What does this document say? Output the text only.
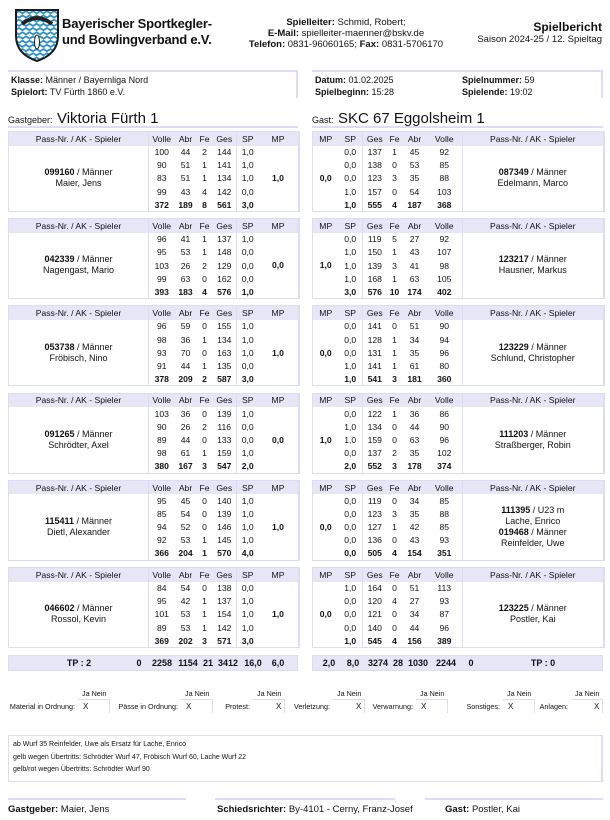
Bayerischer Sportkegler-
und Bowlingverband e.V.
Spielleiter: Schmid, Robert;
E-Mail: spielleiter-maenner@bskv.de
Telefon: 0831-96060165; Fax: 0831-5706170
Spielbericht
Saison 2024-25 / 12. Spieltag
Klasse: Männer / Bayernliga Nord
Spielort: TV Fürth 1860 e.V.
Datum: 01.02.2025
Spielbeginn: 15:28
Spielnummer: 59
Spielende: 19:02
Gastgeber: Viktoria Fürth 1	Gast: SKC 67 Eggolsheim 1
Pass-Nr. / AK - Spieler	Volle	Abr	Fe	Ges	SP	MP

099160 / Männer
Maier, Jens	100	44	2	144	1,0	1,0
	90	51	1	141	1,0	
	83	51	1	134	1,0	
	99	43	4	142	0,0	
	372	189	8	561	3,0	
MP	SP	Ges	Fe	Abr	Volle	Pass-Nr. / AK - Spieler
0,0	0,0	137	1	45	92	087349 / Männer
Edelmann, Marco

	0,0	138	0	53	85	
	0,0	123	3	35	88	
	1,0	157	0	54	103	
	1,0	555	4	187	368	
Pass-Nr. / AK - Spieler	Volle	Abr	Fe	Ges	SP	MP

042339 / Männer
Nagengast, Mario	96	41	1	137	1,0	0,0
	95	53	1	148	0,0	
	103	26	2	129	0,0	
	99	63	0	162	0,0	
	393	183	4	576	1,0	
MP	SP	Ges	Fe	Abr	Volle	Pass-Nr. / AK - Spieler
1,0	0,0	119	5	27	92	123217 / Männer
Hausner, Markus

	1,0	150	1	43	107	
	1,0	139	3	41	98	
	1,0	168	1	63	105	
	3,0	576	10	174	402	
Pass-Nr. / AK - Spieler	Volle	Abr	Fe	Ges	SP	MP

053738 / Männer
Fröbisch, Nino	96	59	0	155	1,0	1,0
	98	36	1	134	1,0	
	93	70	0	163	1,0	
	91	44	1	135	0,0	
	378	209	2	587	3,0	
MP	SP	Ges	Fe	Abr	Volle	Pass-Nr. / AK - Spieler
0,0	0,0	141	0	51	90	123229 / Männer
Schlund, Christopher

	0,0	128	1	34	94	
	0,0	131	1	35	96	
	1,0	141	1	61	80	
	1,0	541	3	181	360	
Pass-Nr. / AK - Spieler	Volle	Abr	Fe	Ges	SP	MP

091265 / Männer
Schrödter, Axel	103	36	0	139	1,0	0,0
	90	26	2	116	0,0	
	89	44	0	133	0,0	
	98	61	1	159	1,0	
	380	167	3	547	2,0	
MP	SP	Ges	Fe	Abr	Volle	Pass-Nr. / AK - Spieler
1,0	0,0	122	1	36	86	111203 / Männer
Straßberger, Robin

	1,0	134	0	44	90	
	1,0	159	0	63	96	
	0,0	137	2	35	102	
	2,0	552	3	178	374	
Pass-Nr. / AK - Spieler	Volle	Abr	Fe	Ges	SP	MP

115411 / Männer
Dietl, Alexander	95	45	0	140	1,0	1,0
	85	54	0	139	1,0	
	94	52	0	146	1,0	
	92	53	1	145	1,0	
	366	204	1	570	4,0	
MP	SP	Ges	Fe	Abr	Volle	Pass-Nr. / AK - Spieler
0,0	0,0	119	0	34	85	111395 / U23 m
Lache, Enrico
019468 / Männer
Reinfelder, Uwe

	0,0	123	3	35	88	
	0,0	127	1	42	85	
	0,0	136	0	43	93	
	0,0	505	4	154	351	
Pass-Nr. / AK - Spieler	Volle	Abr	Fe	Ges	SP	MP

046602 / Männer
Rossol, Kevin	84	54	0	138	0,0	1,0
	95	42	1	137	1,0	
	101	53	1	154	1,0	
	89	53	1	142	1,0	
	369	202	3	571	3,0	
MP	SP	Ges	Fe	Abr	Volle	Pass-Nr. / AK - Spieler
0,0	1,0	164	0	51	113	123225 / Männer
Postler, Kai

	0,0	120	4	27	93	
	0,0	121	0	34	87	
	0,0	140	0	44	96	
	1,0	545	4	156	389	
TP : 2	0	2258 1154 21 3412 16,0	6,0	2,0	8,0 3274 28 1030 2244	0	TP : 0
Material in Ordnung:
Ja Nein
X	Pässe in Ordnung:
Ja Nein
X	Protest:
Ja Nein
X	Verletzung:
Ja Nein
X	Verwarnung:
Ja Nein
X	Sonstiges:
Ja Nein
X	Anlagen:
Ja Nein
X
ab Wurf 35 Reinfelder, Uwe als Ersatz für Lache, Enrico
gelb wegen Übertritts: Schrödter Wurf 47, Fröbisch Wurf 60, Lache Wurf 22
gelb/rot wegen Übertritts: Schrödter Wurf 90
Gastgeber: Maier, Jens	Schiedsrichter: By-4101 - Cerny, Franz-Josef	Gast: Postler, Kai
